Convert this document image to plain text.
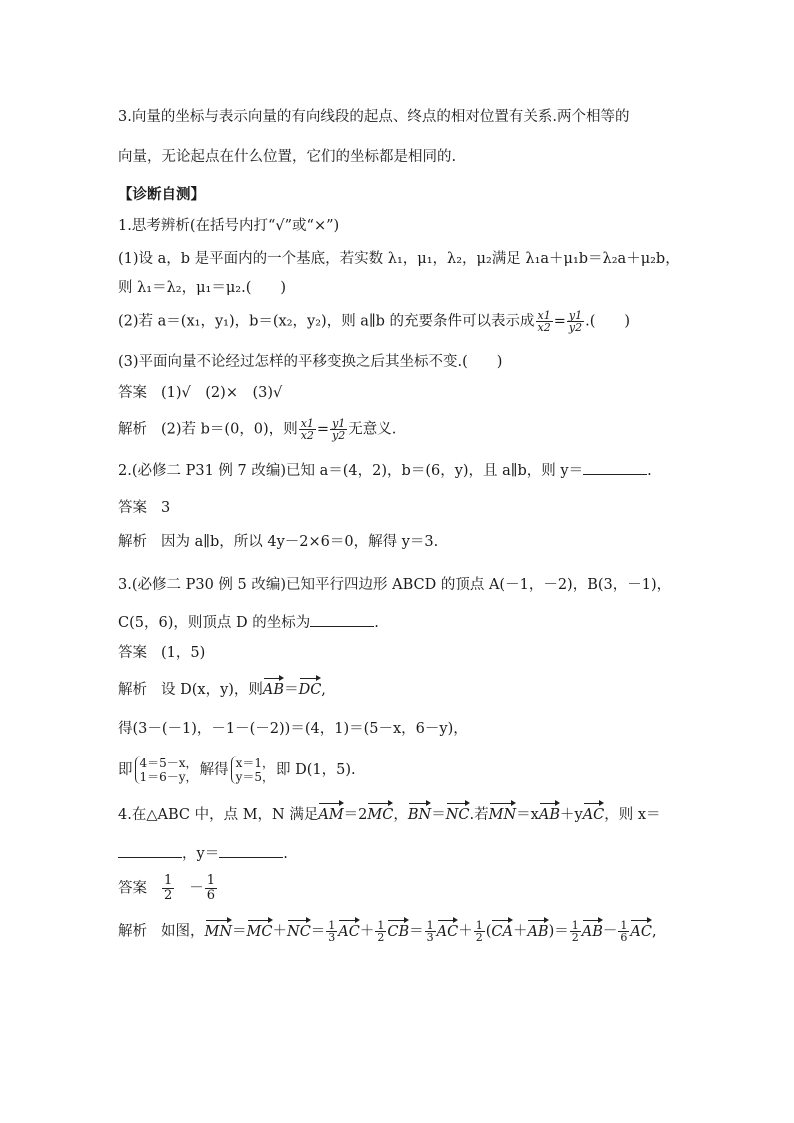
3.向量的坐标与表示向量的有向线段的起点、终点的相对位置有关系.两个相等的
向量，无论起点在什么位置，它们的坐标都是相同的.
【诊断自测】
1.思考辨析(在括号内打“√”或“×”)
(1)设 a，b 是平面内的一个基底，若实数 λ₁，μ₁，λ₂，μ₂满足 λ₁a＋μ₁b＝λ₂a＋μ₂b，
则 λ₁＝λ₂，μ₁＝μ₂.(　　)
(2)若 a＝(x₁，y₁)，b＝(x₂，y₂)，则 a∥b 的充要条件可以表示成 $\frac{x1}{x2} = \frac{y1}{y2}$ .(　　)
(3)平面向量不论经过怎样的平移变换之后其坐标不变.(　　)
答案 (1)√　(2)×　(3)√
解析 (2)若 b＝(0，0)，则 $\frac{x1}{x2} = \frac{y1}{y2}$ 无意义.
2.(必修二 P31 例 7 改编)已知 a＝(4，2)，b＝(6，y)，且 a∥b，则 y＝	.
答案 3
解析 因为 a∥b，所以 4y－2×6＝0，解得 y＝3.
3.(必修二 P30 例 5 改编)已知平行四边形 ABCD 的顶点 A(－1，－2)，B(3，－1)，
C(5，6)，则顶点 D 的坐标为	.
答案 (1，5)
解析 设 D(x，y)，则AB＝DC,
得(3－(－1)，－1－(－2))＝(4，1)＝(5－x，6－y)，
即 4＝5－x，
1＝6－y， 解得 x＝1，
y＝5， 即 D(1，5).
4.在△ABC 中，点 M，N 满足AM＝2MC，BN＝NC.若MN＝xAB＋yAC，则 x＝
，y＝	.
答案 $\frac{1}{2} - \frac{1}{6}$
解析 如图，$MN=MC+NC= \frac{1}{3} AC+ \frac{1}{2} CB= \frac{1}{3} AC+ \frac{1}{2} (CA+AB)= \frac{1}{2} AB- \frac{1}{6}$ AC,
